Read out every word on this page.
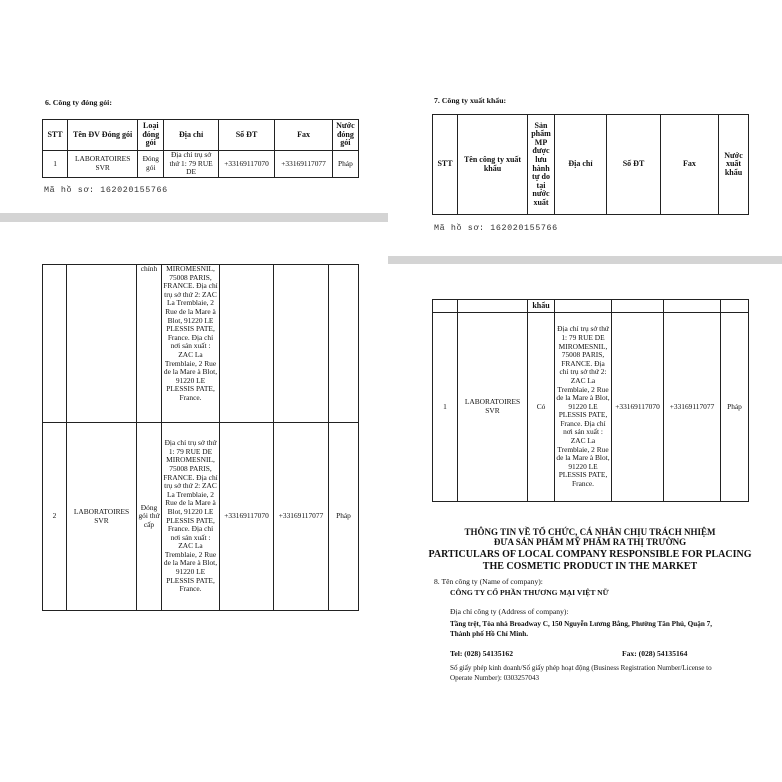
6. Công ty đóng gói:
STT	Tên ĐV Đóng gói	Loại đóng gói	Địa chỉ	Số ĐT	Fax	Nước đóng gói
1	LABORATOIRES SVR	Đóng gói	Địa chỉ trụ sở thứ 1: 79 RUE DE	+33169117070	+33169117077	Pháp
Mã hồ sơ: 162020155766
7. Công ty xuất khẩu:
STT	Tên công ty xuất khẩu	Sản phẩm MP được lưu hành tự do tại nước xuất	Địa chỉ	Số ĐT	Fax	Nước xuất khẩu
Mã hồ sơ: 162020155766
		chính	MIROMESNIL, 75008 PARIS, FRANCE. Địa chỉ trụ sở thứ 2: ZAC La Tremblaie, 2 Rue de la Mare à Blot, 91220 LE PLESSIS PATE, France. Địa chỉ nơi sản xuất : ZAC La Tremblaie, 2 Rue de la Mare à Blot, 91220 LE PLESSIS PATE, France.			
2	LABORATOIRES SVR	Đóng gói thứ cấp	Địa chỉ trụ sở thứ 1: 79 RUE DE MIROMESNIL, 75008 PARIS, FRANCE. Địa chỉ trụ sở thứ 2: ZAC La Tremblaie, 2 Rue de la Mare à Blot, 91220 LE PLESSIS PATE, France. Địa chỉ nơi sản xuất : ZAC La Tremblaie, 2 Rue de la Mare à Blot, 91220 LE PLESSIS PATE, France.	+33169117070	+33169117077	Pháp
		khẩu				
1	LABORATOIRES SVR	Có	Địa chỉ trụ sở thứ 1: 79 RUE DE MIROMESNIL, 75008 PARIS, FRANCE. Địa chỉ trụ sở thứ 2: ZAC La Tremblaie, 2 Rue de la Mare à Blot, 91220 LE PLESSIS PATE, France. Địa chỉ nơi sản xuất : ZAC La Tremblaie, 2 Rue de la Mare à Blot, 91220 LE PLESSIS PATE, France.	+33169117070	+33169117077	Pháp
THÔNG TIN VỀ TỔ CHỨC, CÁ NHÂN CHỊU TRÁCH NHIỆM
ĐƯA SẢN PHẨM MỸ PHẨM RA THỊ TRƯỜNG
PARTICULARS OF LOCAL COMPANY RESPONSIBLE FOR PLACING
THE COSMETIC PRODUCT IN THE MARKET
8. Tên công ty (Name of company):
CÔNG TY CỔ PHẦN THƯƠNG MẠI VIỆT NỮ
Địa chỉ công ty (Address of company):
Tầng trệt, Tòa nhà Broadway C, 150 Nguyễn Lương Bằng, Phường Tân Phú, Quận 7,
Thành phố Hồ Chí Minh.
Tel: (028) 54135162	Fax: (028) 54135164
Số giấy phép kinh doanh/Số giấy phép hoạt động (Business Registration Number/License to
Operate Number): 0303257043
